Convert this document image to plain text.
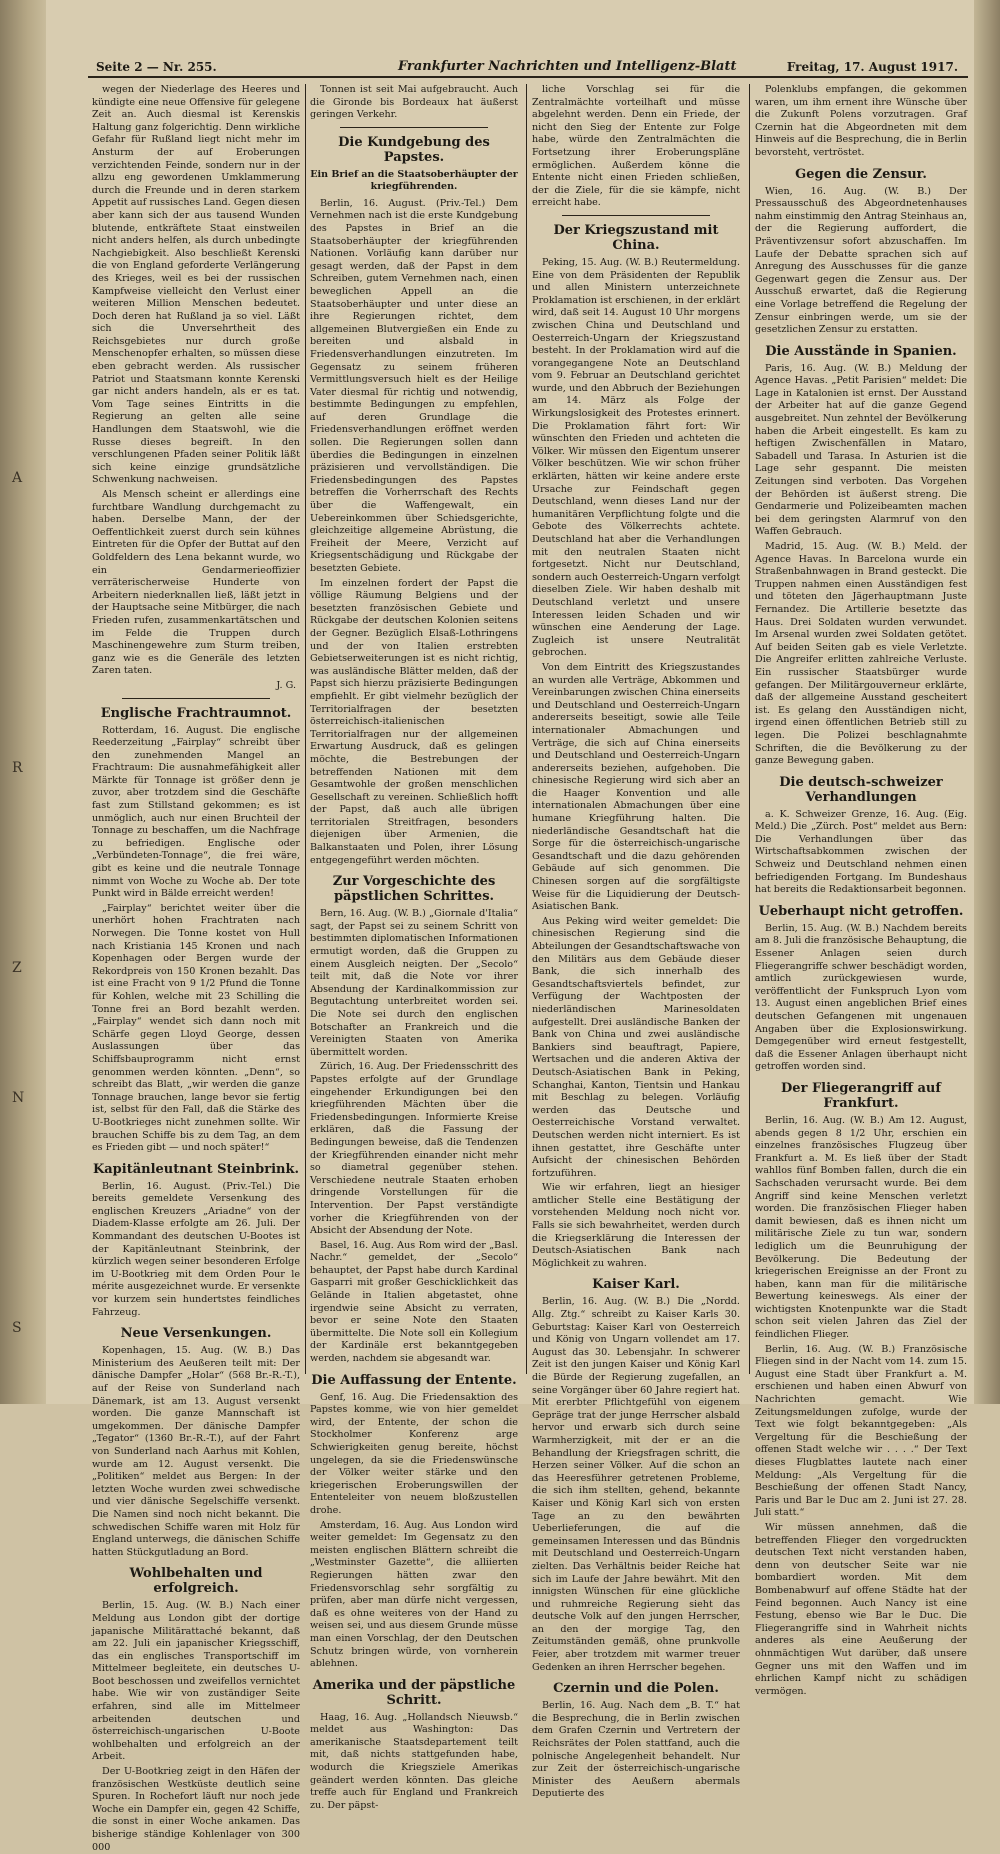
A
R
Z
N
S
Seite 2 — Nr. 255.	Frankfurter Nachrichten und Intelligenz-Blatt	Freitag, 17. August 1917.

wegen der Niederlage des Heeres und kündigte eine neue Offensive für gelegene Zeit an. Auch diesmal ist Kerenskis Haltung ganz folgerichtig. Denn wirkliche Gefahr für Rußland liegt nicht mehr im Ansturm der auf Eroberungen verzichtenden Feinde, sondern nur in der allzu eng gewordenen Umklammerung durch die Freunde und in deren starkem Appetit auf russisches Land. Gegen diesen aber kann sich der aus tausend Wunden blutende, entkräftete Staat einstweilen nicht anders helfen, als durch unbedingte Nachgiebigkeit. Also beschließt Kerenski die von England geforderte Verlängerung des Krieges, weil es bei der russischen Kampfweise vielleicht den Verlust einer weiteren Million Menschen bedeutet. Doch deren hat Rußland ja so viel. Läßt sich die Unversehrtheit des Reichsgebietes nur durch große Menschenopfer erhalten, so müssen diese eben gebracht werden. Als russischer Patriot und Staatsmann konnte Kerenski gar nicht anders handeln, als er es tat. Vom Tage seines Eintritts in die Regierung an gelten alle seine Handlungen dem Staatswohl, wie die Russe dieses begreift. In den verschlungenen Pfaden seiner Politik läßt sich keine einzige grundsätzliche Schwenkung nachweisen.

Als Mensch scheint er allerdings eine furchtbare Wandlung durchgemacht zu haben. Derselbe Mann, der der Oeffentlichkeit zuerst durch sein kühnes Eintreten für die Opfer der Buttat auf den Goldfeldern des Lena bekannt wurde, wo ein Gendarmerieoffizier verräterischerweise Hunderte von Arbeitern niederknallen ließ, läßt jetzt in der Hauptsache seine Mitbürger, die nach Frieden rufen, zusammenkartätschen und im Felde die Truppen durch Maschinengewehre zum Sturm treiben, ganz wie es die Generäle des letzten Zaren taten.

J. G.
Englische Frachtraumnot.

Rotterdam, 16. August. Die englische Reederzeitung „Fairplay“ schreibt über den zunehmenden Mangel an Frachtraum: Die ausnahmefähigkeit aller Märkte für Tonnage ist größer denn je zuvor, aber trotzdem sind die Geschäfte fast zum Stillstand gekommen; es ist unmöglich, auch nur einen Bruchteil der Tonnage zu beschaffen, um die Nachfrage zu befriedigen. Englische oder „Verbündeten-Tonnage“, die frei wäre, gibt es keine und die neutrale Tonnage nimmt von Woche zu Woche ab. Der tote Punkt wird in Bälde erreicht werden!

„Fairplay“ berichtet weiter über die unerhört hohen Frachtraten nach Norwegen. Die Tonne kostet von Hull nach Kristiania 145 Kronen und nach Kopenhagen oder Bergen wurde der Rekordpreis von 150 Kronen bezahlt. Das ist eine Fracht von 9 1/2 Pfund die Tonne für Kohlen, welche mit 23 Schilling die Tonne frei an Bord bezahlt werden. „Fairplay“ wendet sich dann noch mit Schärfe gegen Lloyd George, dessen Auslassungen über das Schiffsbauprogramm nicht ernst genommen werden könnten. „Denn“, so schreibt das Blatt, „wir werden die ganze Tonnage brauchen, lange bevor sie fertig ist, selbst für den Fall, daß die Stärke des U-Bootkrieges nicht zunehmen sollte. Wir brauchen Schiffe bis zu dem Tag, an dem es Frieden gibt — und noch später!“

Kapitänleutnant Steinbrink.

Berlin, 16. August. (Priv.-Tel.) Die bereits gemeldete Versenkung des englischen Kreuzers „Ariadne“ von der Diadem-Klasse erfolgte am 26. Juli. Der Kommandant des deutschen U-Bootes ist der Kapitänleutnant Steinbrink, der kürzlich wegen seiner besonderen Erfolge im U-Bootkrieg mit dem Orden Pour le mérite ausgezeichnet wurde. Er versenkte vor kurzem sein hundertstes feindliches Fahrzeug.

Neue Versenkungen.

Kopenhagen, 15. Aug. (W. B.) Das Ministerium des Aeußeren teilt mit: Der dänische Dampfer „Holar“ (568 Br.-R.-T.), auf der Reise von Sunderland nach Dänemark, ist am 13. August versenkt worden. Die ganze Mannschaft ist umgekommen. Der dänische Dampfer „Tegator“ (1360 Br.-R.-T.), auf der Fahrt von Sunderland nach Aarhus mit Kohlen, wurde am 12. August versenkt. Die „Politiken“ meldet aus Bergen: In der letzten Woche wurden zwei schwedische und vier dänische Segelschiffe versenkt. Die Namen sind noch nicht bekannt. Die schwedischen Schiffe waren mit Holz für England unterwegs, die dänischen Schiffe hatten Stückgutladung an Bord.

Wohlbehalten und erfolgreich.

Berlin, 15. Aug. (W. B.) Nach einer Meldung aus London gibt der dortige japanische Militärattaché bekannt, daß am 22. Juli ein japanischer Kriegsschiff, das ein englisches Transportschiff im Mittelmeer begleitete, ein deutsches U-Boot beschossen und zweifellos vernichtet habe. Wie wir von zuständiger Seite erfahren, sind alle im Mittelmeer arbeitenden deutschen und österreichisch-ungarischen U-Boote wohlbehalten und erfolgreich an der Arbeit.

Der U-Bootkrieg zeigt in den Häfen der französischen Westküste deutlich seine Spuren. In Rochefort läuft nur noch jede Woche ein Dampfer ein, gegen 42 Schiffe, die sonst in einer Woche ankamen. Das bisherige ständige Kohlenlager von 300 000

Tonnen ist seit Mai aufgebraucht. Auch die Gironde bis Bordeaux hat äußerst geringen Verkehr.

Die Kundgebung des Papstes.
Ein Brief an die Staatsoberhäupter der kriegführenden.

Berlin, 16. August. (Priv.-Tel.) Dem Vernehmen nach ist die erste Kundgebung des Papstes in Brief an die Staatsoberhäupter der kriegführenden Nationen. Vorläufig kann darüber nur gesagt werden, daß der Papst in dem Schreiben, gutem Vernehmen nach, einen beweglichen Appell an die Staatsoberhäupter und unter diese an ihre Regierungen richtet, dem allgemeinen Blutvergießen ein Ende zu bereiten und alsbald in Friedensverhandlungen einzutreten. Im Gegensatz zu seinem früheren Vermittlungsversuch hielt es der Heilige Vater diesmal für richtig und notwendig, bestimmte Bedingungen zu empfehlen, auf deren Grundlage die Friedensverhandlungen eröffnet werden sollen. Die Regierungen sollen dann überdies die Bedingungen in einzelnen präzisieren und vervollständigen. Die Friedensbedingungen des Papstes betreffen die Vorherrschaft des Rechts über die Waffengewalt, ein Uebereinkommen über Schiedsgerichte, gleichzeitige allgemeine Abrüstung, die Freiheit der Meere, Verzicht auf Kriegsentschädigung und Rückgabe der besetzten Gebiete.

Im einzelnen fordert der Papst die völlige Räumung Belgiens und der besetzten französischen Gebiete und Rückgabe der deutschen Kolonien seitens der Gegner. Bezüglich Elsaß-Lothringens und der von Italien erstrebten Gebietserweiterungen ist es nicht richtig, was ausländische Blätter melden, daß der Papst sich hierzu präzisierte Bedingungen empfiehlt. Er gibt vielmehr bezüglich der Territorialfragen der besetzten österreichisch-italienischen Territorialfragen nur der allgemeinen Erwartung Ausdruck, daß es gelingen möchte, die Bestrebungen der betreffenden Nationen mit dem Gesamtwohle der großen menschlichen Gesellschaft zu vereinen. Schließlich hofft der Papst, daß auch alle übrigen territorialen Streitfragen, besonders diejenigen über Armenien, die Balkanstaaten und Polen, ihrer Lösung entgegengeführt werden möchten.

Zur Vorgeschichte des päpstlichen Schrittes.

Bern, 16. Aug. (W. B.) „Giornale d'Italia“ sagt, der Papst sei zu seinem Schritt von bestimmten diplomatischen Informationen ermutigt worden, daß die Gruppen zu einem Ausgleich neigten. Der „Secolo“ teilt mit, daß die Note vor ihrer Absendung der Kardinalkommission zur Begutachtung unterbreitet worden sei. Die Note sei durch den englischen Botschafter an Frankreich und die Vereinigten Staaten von Amerika übermittelt worden.

Zürich, 16. Aug. Der Friedensschritt des Papstes erfolgte auf der Grundlage eingehender Erkundigungen bei den kriegführenden Mächten über die Friedensbedingungen. Informierte Kreise erklären, daß die Fassung der Bedingungen beweise, daß die Tendenzen der Kriegführenden einander nicht mehr so diametral gegenüber stehen. Verschiedene neutrale Staaten erhoben dringende Vorstellungen für die Intervention. Der Papst verständigte vorher die Kriegführenden von der Absicht der Absendung der Note.

Basel, 16. Aug. Aus Rom wird der „Basl. Nachr.“ gemeldet, der „Secolo“ behauptet, der Papst habe durch Kardinal Gasparri mit großer Geschicklichkeit das Gelände in Italien abgetastet, ohne irgendwie seine Absicht zu verraten, bevor er seine Note den Staaten übermittelte. Die Note soll ein Kollegium der Kardinäle erst bekanntgegeben werden, nachdem sie abgesandt war.

Die Auffassung der Entente.

Genf, 16. Aug. Die Friedensaktion des Papstes komme, wie von hier gemeldet wird, der Entente, der schon die Stockholmer Konferenz arge Schwierigkeiten genug bereite, höchst ungelegen, da sie die Friedenswünsche der Völker weiter stärke und den kriegerischen Eroberungswillen der Ententeleiter von neuem bloßzustellen drohe.

Amsterdam, 16. Aug. Aus London wird weiter gemeldet: Im Gegensatz zu den meisten englischen Blättern schreibt die „Westminster Gazette“, die alliierten Regierungen hätten zwar den Friedensvorschlag sehr sorgfältig zu prüfen, aber man dürfe nicht vergessen, daß es ohne weiteres von der Hand zu weisen sei, und aus diesem Grunde müsse man einen Vorschlag, der den Deutschen Schutz bringen würde, von vornherein ablehnen.

Amerika und der päpstliche Schritt.

Haag, 16. Aug. „Hollandsch Nieuwsb.“ meldet aus Washington: Das amerikanische Staatsdepartement teilt mit, daß nichts stattgefunden habe, wodurch die Kriegsziele Amerikas geändert werden könnten. Das gleiche treffe auch für England und Frankreich zu. Der päpst-

liche Vorschlag sei für die Zentralmächte vorteilhaft und müsse abgelehnt werden. Denn ein Friede, der nicht den Sieg der Entente zur Folge habe, würde den Zentralmächten die Fortsetzung ihrer Eroberungspläne ermöglichen. Außerdem könne die Entente nicht einen Frieden schließen, der die Ziele, für die sie kämpfe, nicht erreicht habe.

Der Kriegszustand mit China.

Peking, 15. Aug. (W. B.) Reutermeldung. Eine von dem Präsidenten der Republik und allen Ministern unterzeichnete Proklamation ist erschienen, in der erklärt wird, daß seit 14. August 10 Uhr morgens zwischen China und Deutschland und Oesterreich-Ungarn der Kriegszustand besteht. In der Proklamation wird auf die vorangegangene Note an Deutschland vom 9. Februar an Deutschland gerichtet wurde, und den Abbruch der Beziehungen am 14. März als Folge der Wirkungslosigkeit des Protestes erinnert. Die Proklamation fährt fort: Wir wünschten den Frieden und achteten die Völker. Wir müssen den Eigentum unserer Völker beschützen. Wie wir schon früher erklärten, hätten wir keine andere erste Ursache zur Feindschaft gegen Deutschland, wenn dieses Land nur der humanitären Verpflichtung folgte und die Gebote des Völkerrechts achtete. Deutschland hat aber die Verhandlungen mit den neutralen Staaten nicht fortgesetzt. Nicht nur Deutschland, sondern auch Oesterreich-Ungarn verfolgt dieselben Ziele. Wir haben deshalb mit Deutschland verletzt und unsere Interessen leiden Schaden und wir wünschen eine Aenderung der Lage. Zugleich ist unsere Neutralität gebrochen.

Von dem Eintritt des Kriegszustandes an wurden alle Verträge, Abkommen und Vereinbarungen zwischen China einerseits und Deutschland und Oesterreich-Ungarn andererseits beseitigt, sowie alle Teile internationaler Abmachungen und Verträge, die sich auf China einerseits und Deutschland und Oesterreich-Ungarn andererseits beziehen, aufgehoben. Die chinesische Regierung wird sich aber an die Haager Konvention und alle internationalen Abmachungen über eine humane Kriegführung halten. Die niederländische Gesandtschaft hat die Sorge für die österreichisch-ungarische Gesandtschaft und die dazu gehörenden Gebäude auf sich genommen. Die Chinesen sorgen auf die sorgfältigste Weise für die Liquidierung der Deutsch-Asiatischen Bank.

Aus Peking wird weiter gemeldet: Die chinesischen Regierung sind die Abteilungen der Gesandtschaftswache von den Militärs aus dem Gebäude dieser Bank, die sich innerhalb des Gesandtschaftsviertels befindet, zur Verfügung der Wachtposten der niederländischen Marinesoldaten aufgestellt. Drei ausländische Banken der Bank von China und zwei ausländische Bankiers sind beauftragt, Papiere, Wertsachen und die anderen Aktiva der Deutsch-Asiatischen Bank in Peking, Schanghai, Kanton, Tientsin und Hankau mit Beschlag zu belegen. Vorläufig werden das Deutsche und Oesterreichische Vorstand verwaltet. Deutschen werden nicht interniert. Es ist ihnen gestattet, ihre Geschäfte unter Aufsicht der chinesischen Behörden fortzuführen.

Wie wir erfahren, liegt an hiesiger amtlicher Stelle eine Bestätigung der vorstehenden Meldung noch nicht vor. Falls sie sich bewahrheitet, werden durch die Kriegserklärung die Interessen der Deutsch-Asiatischen Bank nach Möglichkeit zu wahren.

Kaiser Karl.

Berlin, 16. Aug. (W. B.) Die „Nordd. Allg. Ztg.“ schreibt zu Kaiser Karls 30. Geburtstag: Kaiser Karl von Oesterreich und König von Ungarn vollendet am 17. August das 30. Lebensjahr. In schwerer Zeit ist den jungen Kaiser und König Karl die Bürde der Regierung zugefallen, an seine Vorgänger über 60 Jahre regiert hat. Mit ererbter Pflichtgefühl von eigenem Gepräge trat der junge Herrscher alsbald hervor und erwarb sich durch seine Warmherzigkeit, mit der er an die Behandlung der Kriegsfragen schritt, die Herzen seiner Völker. Auf die schon an das Heeresführer getretenen Probleme, die sich ihm stellten, gehend, bekannte Kaiser und König Karl sich von ersten Tage an zu den bewährten Ueberlieferungen, die auf die gemeinsamen Interessen und das Bündnis mit Deutschland und Oesterreich-Ungarn zielten. Das Verhältnis beider Reiche hat sich im Laufe der Jahre bewährt. Mit den innigsten Wünschen für eine glückliche und ruhmreiche Regierung sieht das deutsche Volk auf den jungen Herrscher, an den der morgige Tag, den Zeitumständen gemäß, ohne prunkvolle Feier, aber trotzdem mit warmer treuer Gedenken an ihren Herrscher begehen.

Czernin und die Polen.

Berlin, 16. Aug. Nach dem „B. T.“ hat die Besprechung, die in Berlin zwischen dem Grafen Czernin und Vertretern der Reichsrätes der Polen stattfand, auch die polnische Angelegenheit behandelt. Nur zur Zeit der österreichisch-ungarische Minister des Aeußern abermals Deputierte des

Polenklubs empfangen, die gekommen waren, um ihm ernent ihre Wünsche über die Zukunft Polens vorzutragen. Graf Czernin hat die Abgeordneten mit dem Hinweis auf die Besprechung, die in Berlin bevorsteht, vertröstet.

Gegen die Zensur.

Wien, 16. Aug. (W. B.) Der Pressausschuß des Abgeordnetenhauses nahm einstimmig den Antrag Steinhaus an, der die Regierung auffordert, die Präventivzensur sofort abzuschaffen. Im Laufe der Debatte sprachen sich auf Anregung des Ausschusses für die ganze Gegenwart gegen die Zensur aus. Der Ausschuß erwartet, daß die Regierung eine Vorlage betreffend die Regelung der Zensur einbringen werde, um sie der gesetzlichen Zensur zu erstatten.

Die Ausstände in Spanien.

Paris, 16. Aug. (W. B.) Meldung der Agence Havas. „Petit Parisien“ meldet: Die Lage in Katalonien ist ernst. Der Ausstand der Arbeiter hat auf die ganze Gegend ausgebreitet. Nun zehntel der Bevölkerung haben die Arbeit eingestellt. Es kam zu heftigen Zwischenfällen in Mataro, Sabadell und Tarasa. In Asturien ist die Lage sehr gespannt. Die meisten Zeitungen sind verboten. Das Vorgehen der Behörden ist äußerst streng. Die Gendarmerie und Polizeibeamten machen bei dem geringsten Alarmruf von den Waffen Gebrauch.

Madrid, 15. Aug. (W. B.) Meld. der Agence Havas. In Barcelona wurde ein Straßenbahnwagen in Brand gesteckt. Die Truppen nahmen einen Ausständigen fest und töteten den Jägerhauptmann Juste Fernandez. Die Artillerie besetzte das Haus. Drei Soldaten wurden verwundet. Im Arsenal wurden zwei Soldaten getötet. Auf beiden Seiten gab es viele Verletzte. Die Angreifer erlitten zahlreiche Verluste. Ein russischer Staatsbürger wurde gefangen. Der Militärgouverneur erklärte, daß der allgemeine Ausstand gescheitert ist. Es gelang den Ausständigen nicht, irgend einen öffentlichen Betrieb still zu legen. Die Polizei beschlagnahmte Schriften, die die Bevölkerung zu der ganze Bewegung gaben.

Die deutsch-schweizer Verhandlungen

a. K. Schweizer Grenze, 16. Aug. (Eig. Meld.) Die „Zürch. Post“ meldet aus Bern: Die Verhandlungen über das Wirtschaftsabkommen zwischen der Schweiz und Deutschland nehmen einen befriedigenden Fortgang. Im Bundeshaus hat bereits die Redaktionsarbeit begonnen.

Ueberhaupt nicht getroffen.

Berlin, 15. Aug. (W. B.) Nachdem bereits am 8. Juli die französische Behauptung, die Essener Anlagen seien durch Fliegerangriffe schwer beschädigt worden, amtlich zurückgewiesen wurde, veröffentlicht der Funkspruch Lyon vom 13. August einen angeblichen Brief eines deutschen Gefangenen mit ungenauen Angaben über die Explosionswirkung. Demgegenüber wird erneut festgestellt, daß die Essener Anlagen überhaupt nicht getroffen worden sind.

Der Fliegerangriff auf Frankfurt.

Berlin, 16. Aug. (W. B.) Am 12. August, abends gegen 8 1/2 Uhr, erschien ein einzelnes französisches Flugzeug über Frankfurt a. M. Es ließ über der Stadt wahllos fünf Bomben fallen, durch die ein Sachschaden verursacht wurde. Bei dem Angriff sind keine Menschen verletzt worden. Die französischen Flieger haben damit bewiesen, daß es ihnen nicht um militärische Ziele zu tun war, sondern lediglich um die Beunruhigung der Bevölkerung. Die Bedeutung der kriegerischen Ereignisse an der Front zu haben, kann man für die militärische Bewertung keineswegs. Als einer der wichtigsten Knotenpunkte war die Stadt schon seit vielen Jahren das Ziel der feindlichen Flieger.

Berlin, 16. Aug. (W. B.) Französische Fliegen sind in der Nacht vom 14. zum 15. August eine Stadt über Frankfurt a. M. erschienen und haben einen Abwurf von Nachrichten gemacht. Wie Zeitungsmeldungen zufolge, wurde der Text wie folgt bekanntgegeben: „Als Vergeltung für die Beschießung der offenen Stadt welche wir . . . .“ Der Text dieses Flugblattes lautete nach einer Meldung: „Als Vergeltung für die Beschießung der offenen Stadt Nancy, Paris und Bar le Duc am 2. Juni ist 27. 28. Juli statt.“

Wir müssen annehmen, daß die betreffenden Flieger den vorgedruckten deutschen Text nicht verstanden haben, denn von deutscher Seite war nie bombardiert worden. Mit dem Bombenabwurf auf offene Städte hat der Feind begonnen. Auch Nancy ist eine Festung, ebenso wie Bar le Duc. Die Fliegerangriffe sind in Wahrheit nichts anderes als eine Aeußerung der ohnmächtigen Wut darüber, daß unsere Gegner uns mit den Waffen und im ehrlichen Kampf nicht zu schädigen vermögen.
